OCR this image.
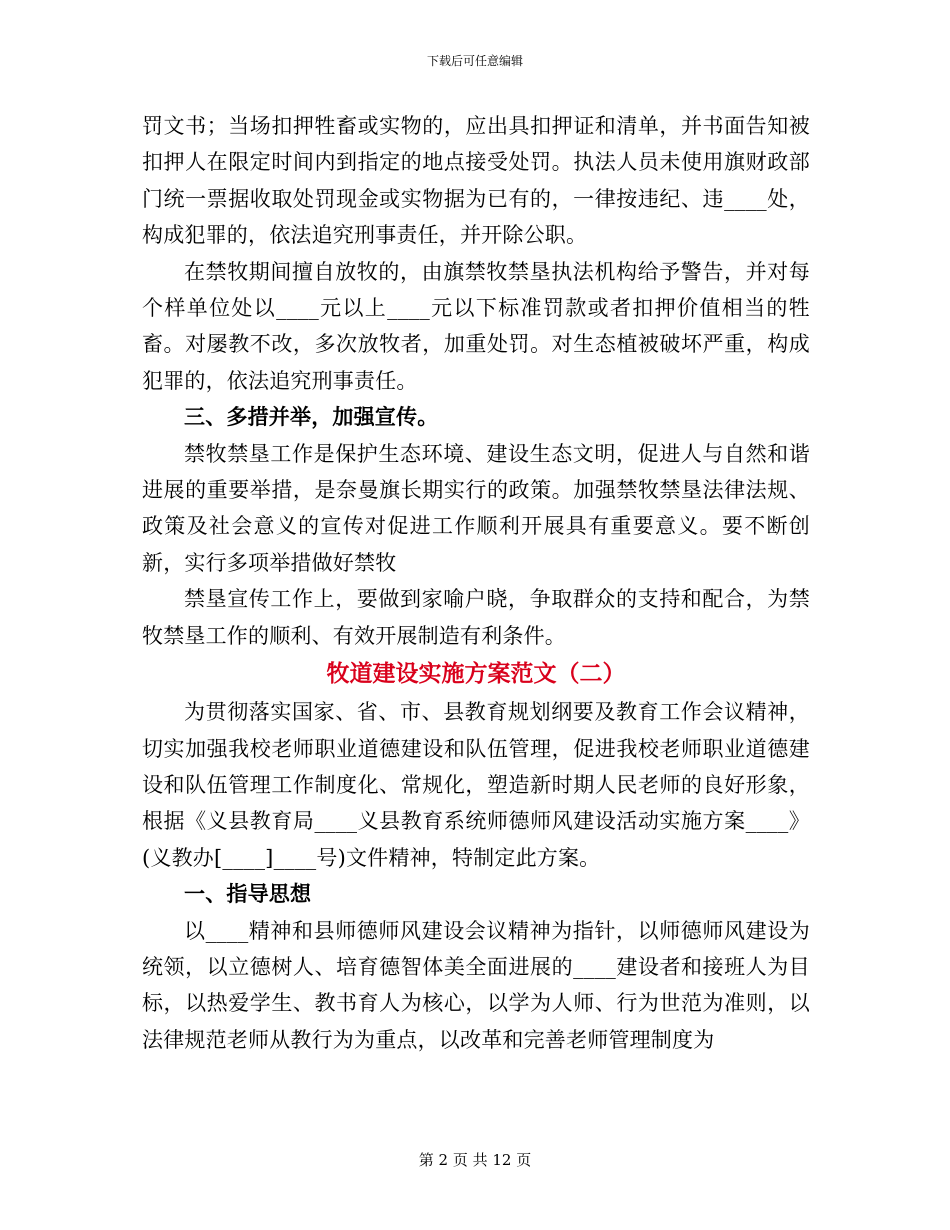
下载后可任意编辑

罚文书；当场扣押牲畜或实物的，应出具扣押证和清单，并书面告知被扣押人在限定时间内到指定的地点接受处罚。执法人员未使用旗财政部门统一票据收取处罚现金或实物据为已有的，一律按违纪、违____处，构成犯罪的，依法追究刑事责任，并开除公职。

在禁牧期间擅自放牧的，由旗禁牧禁垦执法机构给予警告，并对每个样单位处以____元以上____元以下标准罚款或者扣押价值相当的牲畜。对屡教不改，多次放牧者，加重处罚。对生态植被破坏严重，构成犯罪的，依法追究刑事责任。

三、多措并举，加强宣传。

禁牧禁垦工作是保护生态环境、建设生态文明，促进人与自然和谐进展的重要举措，是奈曼旗长期实行的政策。加强禁牧禁垦法律法规、政策及社会意义的宣传对促进工作顺利开展具有重要意义。要不断创新，实行多项举措做好禁牧

禁垦宣传工作上，要做到家喻户晓，争取群众的支持和配合，为禁牧禁垦工作的顺利、有效开展制造有利条件。

牧道建设实施方案范文（二）

为贯彻落实国家、省、市、县教育规划纲要及教育工作会议精神，切实加强我校老师职业道德建设和队伍管理，促进我校老师职业道德建设和队伍管理工作制度化、常规化，塑造新时期人民老师的良好形象，根据《义县教育局____义县教育系统师德师风建设活动实施方案____》(义教办[____]____号)文件精神，特制定此方案。

一、指导思想

以____精神和县师德师风建设会议精神为指针，以师德师风建设为统领，以立德树人、培育德智体美全面进展的____建设者和接班人为目标，以热爱学生、教书育人为核心，以学为人师、行为世范为准则，以法律规范老师从教行为为重点，以改革和完善老师管理制度为

第 2 页 共 12 页
